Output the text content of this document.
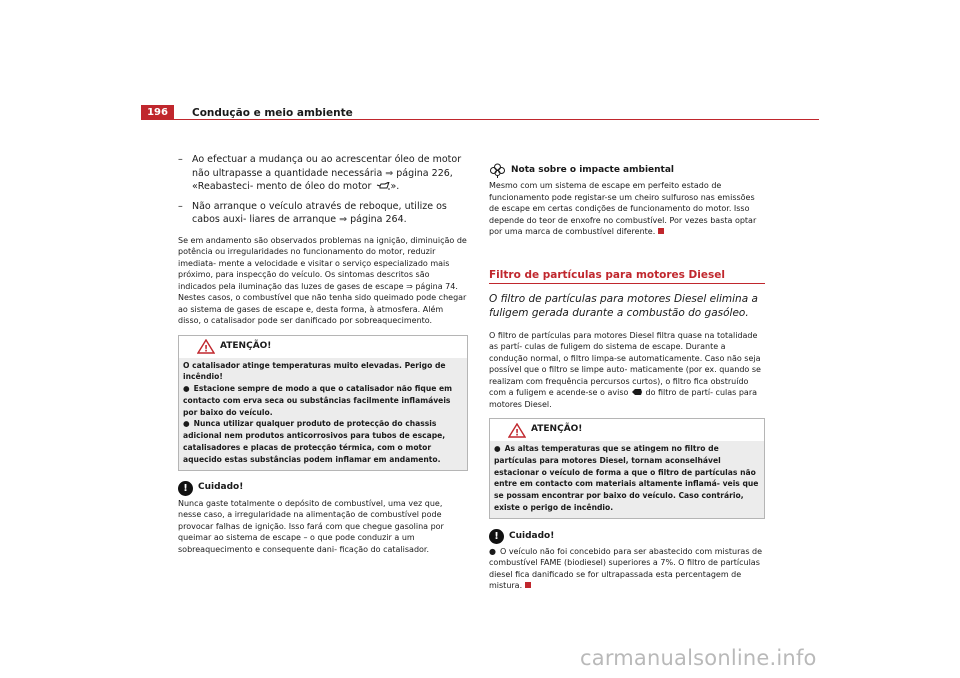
196	Condução e meio ambiente
– Ao efectuar a mudança ou ao acrescentar óleo de motor não ultrapasse a quantidade necessária ⇒ página 226, «Reabasteci- mento de óleo do motor ».
– Não arranque o veículo através de reboque, utilize os cabos auxi- liares de arranque ⇒ página 264.

Se em andamento são observados problemas na ignição, diminuição de potência ou irregularidades no funcionamento do motor, reduzir imediata- mente a velocidade e visitar o serviço especializado mais próximo, para inspecção do veículo. Os sintomas descritos são indicados pela iluminação das luzes de gases de escape ⇒ página 74. Nestes casos, o combustível que não tenha sido queimado pode chegar ao sistema de gases de escape e, desta forma, à atmosfera. Além disso, o catalisador pode ser danificado por sobreaquecimento.

! ATENÇÃO!
O catalisador atinge temperaturas muito elevadas. Perigo de incêndio!
● Estacione sempre de modo a que o catalisador não fique em contacto com erva seca ou substâncias facilmente inflamáveis por baixo do veículo.
● Nunca utilizar qualquer produto de protecção do chassis adicional nem produtos anticorrosivos para tubos de escape, catalisadores e placas de protecção térmica, com o motor aquecido estas substâncias podem inflamar em andamento.
!	Cuidado!

Nunca gaste totalmente o depósito de combustível, uma vez que, nesse caso, a irregularidade na alimentação de combustível pode provocar falhas de ignição. Isso fará com que chegue gasolina por queimar ao sistema de escape – o que pode conduzir a um sobreaquecimento e consequente dani- ficação do catalisador.

Nota sobre o impacte ambiental

Mesmo com um sistema de escape em perfeito estado de funcionamento pode registar-se um cheiro sulfuroso nas emissões de escape em certas condições de funcionamento do motor. Isso depende do teor de enxofre no combustível. Por vezes basta optar por uma marca de combustível diferente.

Filtro de partículas para motores Diesel
O filtro de partículas para motores Diesel elimina a fuligem gerada durante a combustão do gasóleo.

O filtro de partículas para motores Diesel filtra quase na totalidade as partí- culas de fuligem do sistema de escape. Durante a condução normal, o filtro limpa-se automaticamente. Caso não seja possível que o filtro se limpe auto- maticamente (por ex. quando se realizam com frequência percursos curtos), o filtro fica obstruído com a fuligem e acende-se o aviso do filtro de partí- culas para motores Diesel.

! ATENÇÃO!
● As altas temperaturas que se atingem no filtro de partículas para motores Diesel, tornam aconselhável estacionar o veículo de forma a que o filtro de partículas não entre em contacto com materiais altamente inflamá- veis que se possam encontrar por baixo do veículo. Caso contrário, existe o perigo de incêndio.
!	Cuidado!

● O veículo não foi concebido para ser abastecido com misturas de combustível FAME (biodiesel) superiores a 7%. O filtro de partículas diesel fica danificado se for ultrapassada esta percentagem de mistura.

carmanualsonline.info
